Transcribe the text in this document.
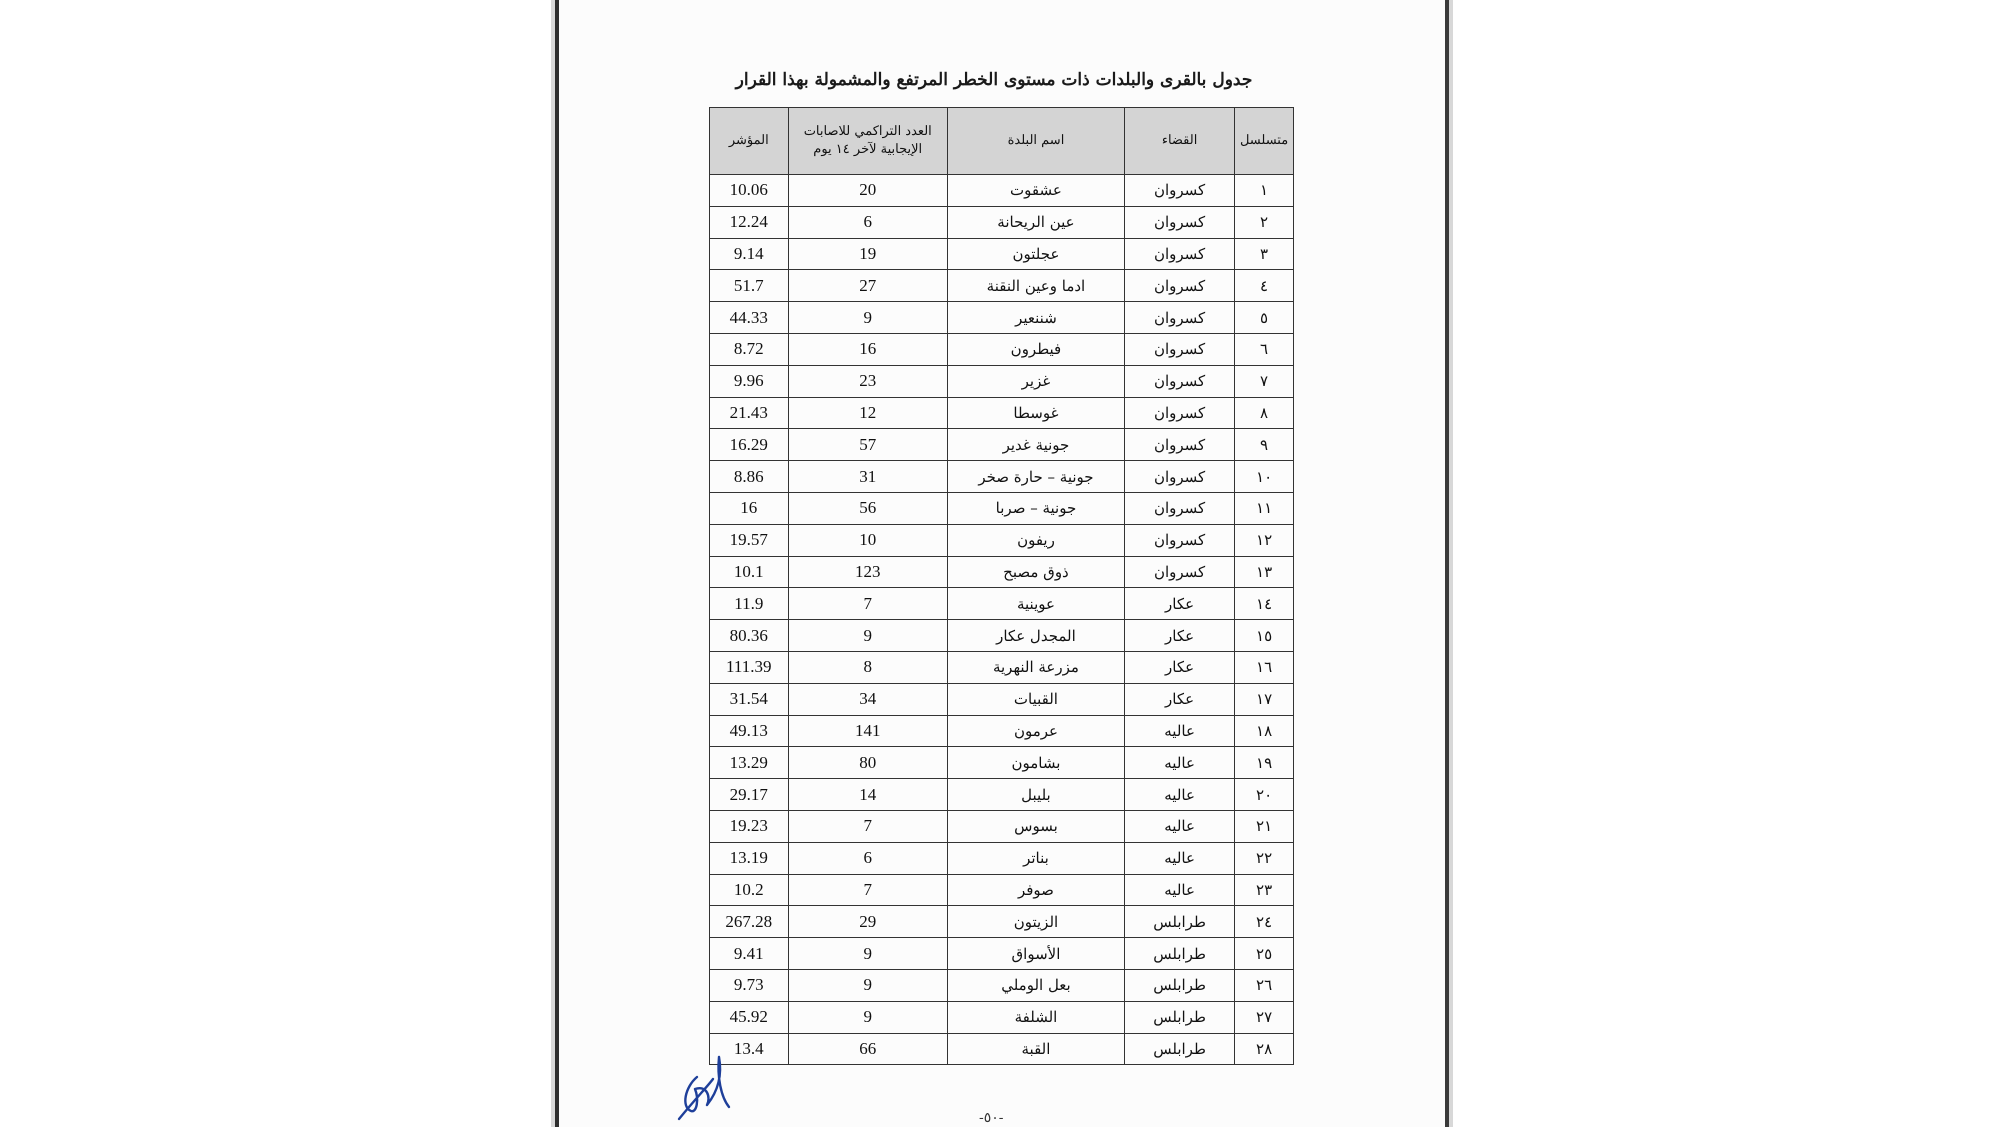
جدول بالقرى والبلدات ذات مستوى الخطر المرتفع والمشمولة بهذا القرار
متسلسل	القضاء	اسم البلدة	العدد التراكمي للاصابات الإيجابية لآخر ١٤ يوم	المؤشر
١	كسروان	عشقوت	20	10.06
٢	كسروان	عين الريحانة	6	12.24
٣	كسروان	عجلتون	19	9.14
٤	كسروان	ادما وعين النقنة	27	51.7
٥	كسروان	شننعير	9	44.33
٦	كسروان	فيطرون	16	8.72
٧	كسروان	غزير	23	9.96
٨	كسروان	غوسطا	12	21.43
٩	كسروان	جونية غدير	57	16.29
١٠	كسروان	جونية – حارة صخر	31	8.86
١١	كسروان	جونية – صربا	56	16
١٢	كسروان	ريفون	10	19.57
١٣	كسروان	ذوق مصبح	123	10.1
١٤	عكار	عوينية	7	11.9
١٥	عكار	المجدل عكار	9	80.36
١٦	عكار	مزرعة النهرية	8	111.39
١٧	عكار	القبيات	34	31.54
١٨	عاليه	عرمون	141	49.13
١٩	عاليه	بشامون	80	13.29
٢٠	عاليه	بليبل	14	29.17
٢١	عاليه	بسوس	7	19.23
٢٢	عاليه	بناتر	6	13.19
٢٣	عاليه	صوفر	7	10.2
٢٤	طرابلس	الزيتون	29	267.28
٢٥	طرابلس	الأسواق	9	9.41
٢٦	طرابلس	بعل الوملي	9	9.73
٢٧	طرابلس	الشلفة	9	45.92
٢٨	طرابلس	القبة	66	13.4
-٥٠-
